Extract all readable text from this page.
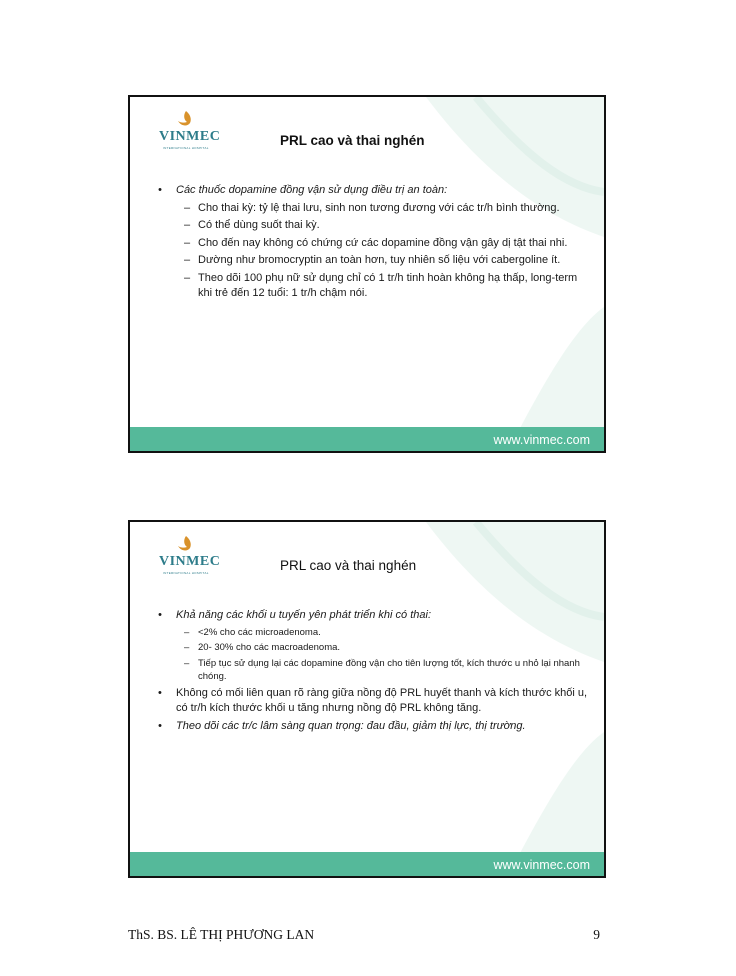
VINMEC
INTERNATIONAL HOSPITAL	PRL cao và thai nghén
• Các thuốc dopamine đồng vận sử dụng điều trị an toàn:
– Cho thai kỳ: tỷ lệ thai lưu, sinh non tương đương với các tr/h bình thường.
– Có thể dùng suốt thai kỳ.
– Cho đến nay không có chứng cứ các dopamine đồng vận gây dị tật thai nhi.
– Dường như bromocryptin an toàn hơn, tuy nhiên số liệu với cabergoline ít.
– Theo dõi 100 phụ nữ sử dụng chỉ có 1 tr/h tinh hoàn không hạ thấp, long-term khi trẻ đến 12 tuổi: 1 tr/h chậm nói.
www.vinmec.com
VINMEC
INTERNATIONAL HOSPITAL	PRL cao và thai nghén
• Khả năng các khối u tuyến yên phát triển khi có thai:
– <2% cho các microadenoma.
– 20- 30% cho các macroadenoma.
– Tiếp tục sử dụng lại các dopamine đồng vận cho tiên lượng tốt, kích thước u nhỏ lại nhanh chóng.
• Không có mối liên quan rõ ràng giữa nồng độ PRL huyết thanh và kích thước khối u, có tr/h kích thước khối u tăng nhưng nồng độ PRL không tăng.
• Theo dõi các tr/c lâm sàng quan trọng: đau đầu, giảm thị lực, thị trường.
www.vinmec.com
ThS. BS. LÊ THỊ PHƯƠNG LAN	9
